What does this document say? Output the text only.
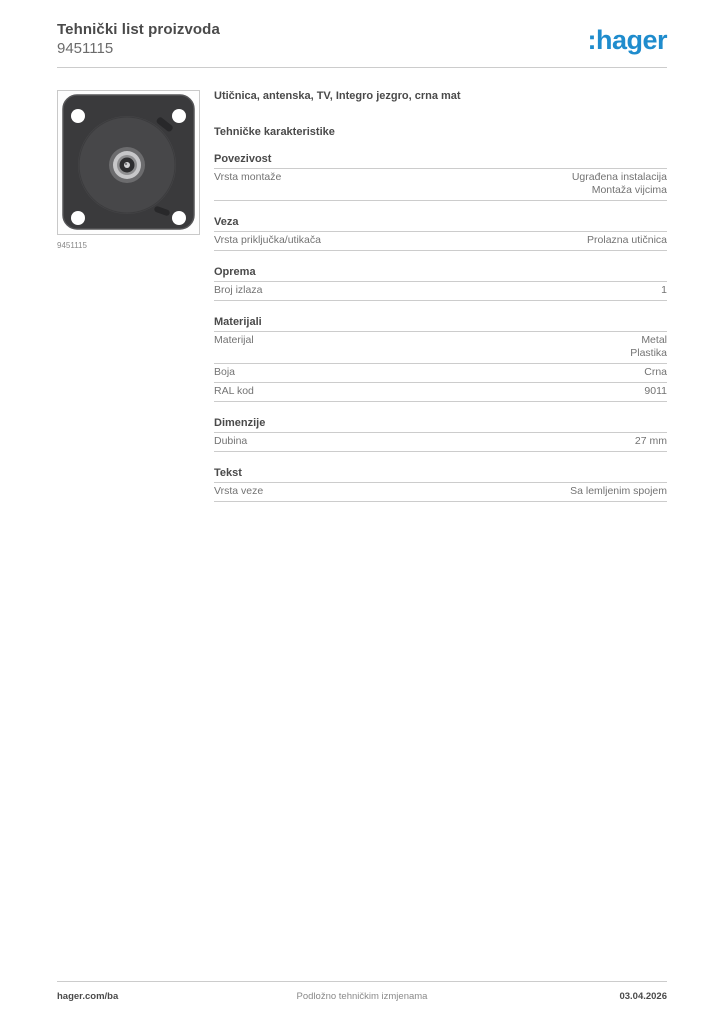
Tehnički list proizvoda
9451115	:hager
9451115
Utičnica, antenska, TV, Integro jezgro, crna mat
Tehničke karakteristike
Povezivost
Vrsta montaže	Ugrađena instalacija
Montaža vijcima
Veza
Vrsta priključka/utikača	Prolazna utičnica
Oprema
Broj izlaza	1
Materijali
Materijal	Metal
Plastika
Boja	Crna
RAL kod	9011
Dimenzije
Dubina	27 mm
Tekst
Vrsta veze	Sa lemljenim spojem
Podložno tehničkim izmjenama
hager.com/ba	03.04.2026
